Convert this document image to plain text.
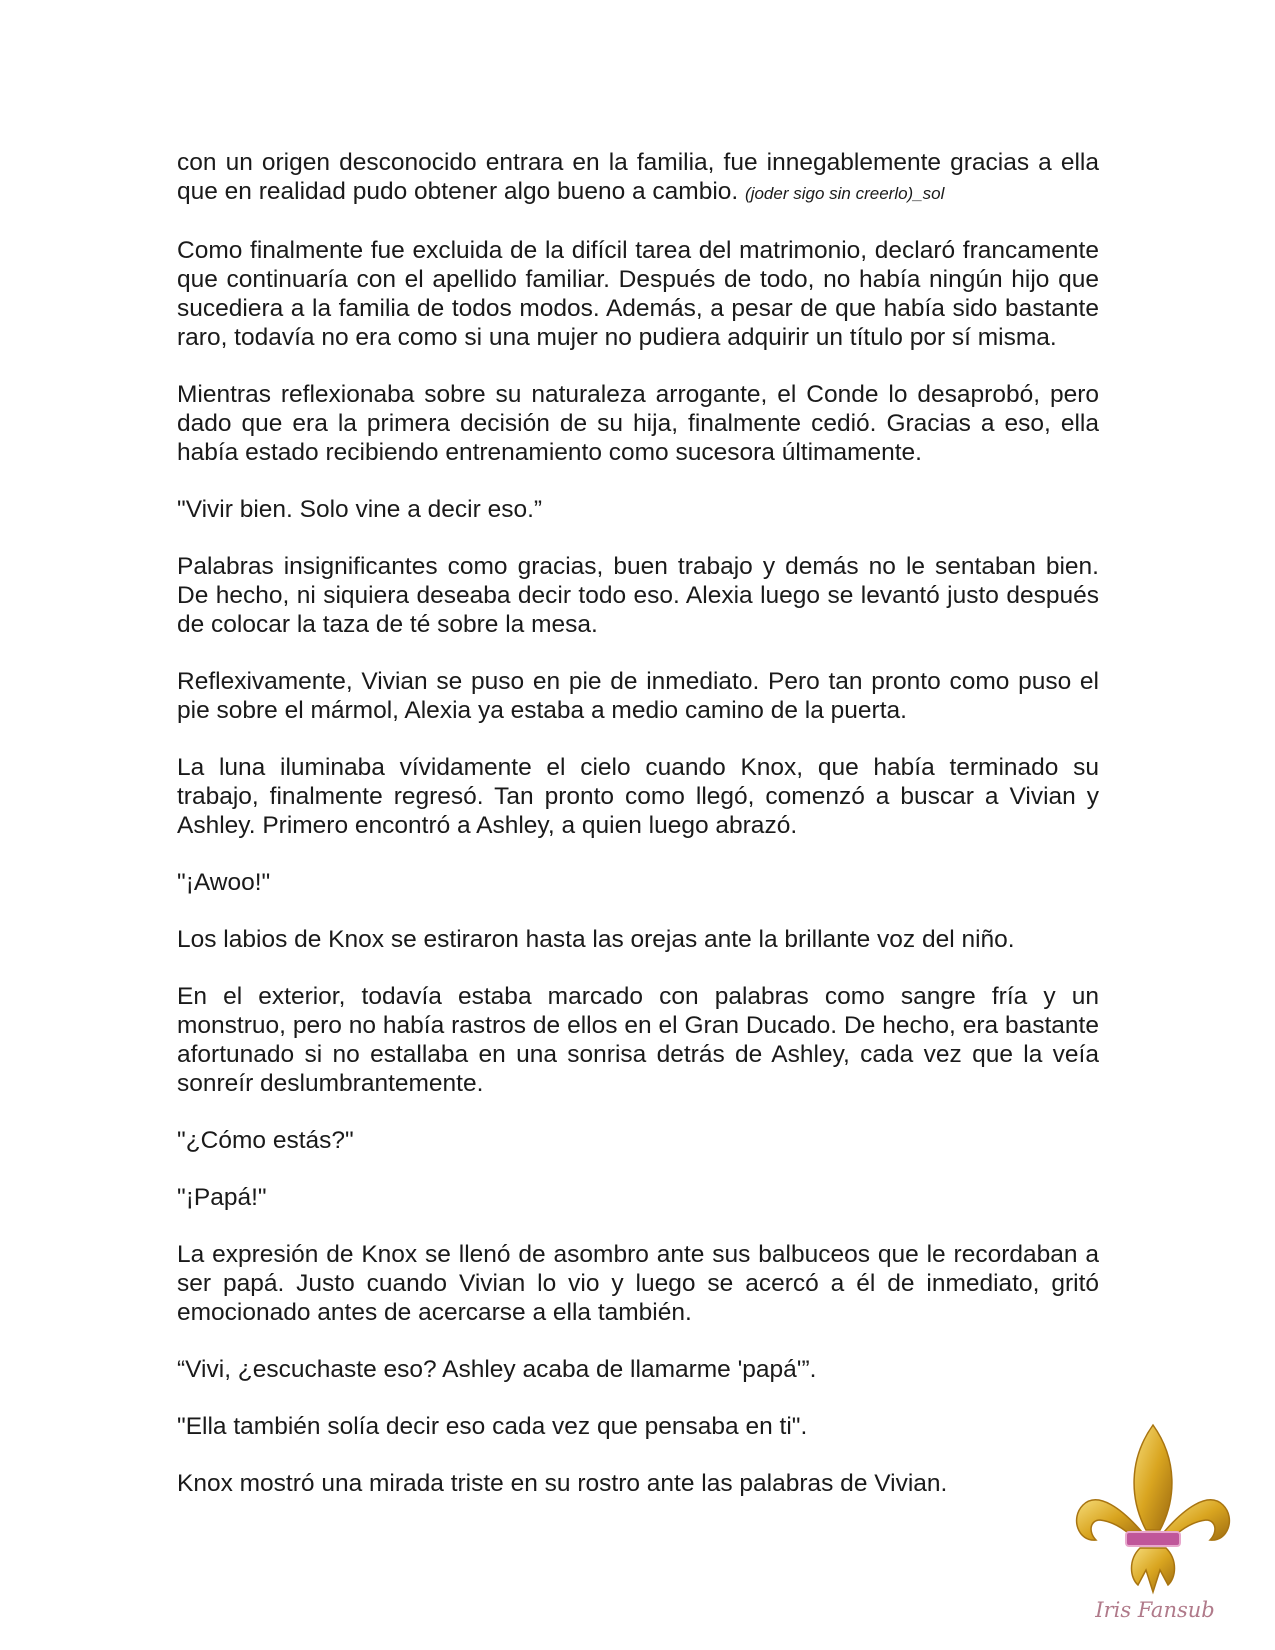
con un origen desconocido entrara en la familia, fue innegablemente gracias a ella que en realidad pudo obtener algo bueno a cambio. (joder sigo sin creerlo)_sol

Como finalmente fue excluida de la difícil tarea del matrimonio, declaró francamente que continuaría con el apellido familiar. Después de todo, no había ningún hijo que sucediera a la familia de todos modos. Además, a pesar de que había sido bastante raro, todavía no era como si una mujer no pudiera adquirir un título por sí misma.

Mientras reflexionaba sobre su naturaleza arrogante, el Conde lo desaprobó, pero dado que era la primera decisión de su hija, finalmente cedió. Gracias a eso, ella había estado recibiendo entrenamiento como sucesora últimamente.

"Vivir bien. Solo vine a decir eso.”

Palabras insignificantes como gracias, buen trabajo y demás no le sentaban bien. De hecho, ni siquiera deseaba decir todo eso. Alexia luego se levantó justo después de colocar la taza de té sobre la mesa.

Reflexivamente, Vivian se puso en pie de inmediato. Pero tan pronto como puso el pie sobre el mármol, Alexia ya estaba a medio camino de la puerta.

La luna iluminaba vívidamente el cielo cuando Knox, que había terminado su trabajo, finalmente regresó. Tan pronto como llegó, comenzó a buscar a Vivian y Ashley. Primero encontró a Ashley, a quien luego abrazó.

"¡Awoo!"

Los labios de Knox se estiraron hasta las orejas ante la brillante voz del niño.

En el exterior, todavía estaba marcado con palabras como sangre fría y un monstruo, pero no había rastros de ellos en el Gran Ducado. De hecho, era bastante afortunado si no estallaba en una sonrisa detrás de Ashley, cada vez que la veía sonreír deslumbrantemente.

"¿Cómo estás?"

"¡Papá!"

La expresión de Knox se llenó de asombro ante sus balbuceos que le recordaban a ser papá. Justo cuando Vivian lo vio y luego se acercó a él de inmediato, gritó emocionado antes de acercarse a ella también.

“Vivi, ¿escuchaste eso? Ashley acaba de llamarme 'papá'”.

"Ella también solía decir eso cada vez que pensaba en ti".

Knox mostró una mirada triste en su rostro ante las palabras de Vivian.

Iris Fansub
